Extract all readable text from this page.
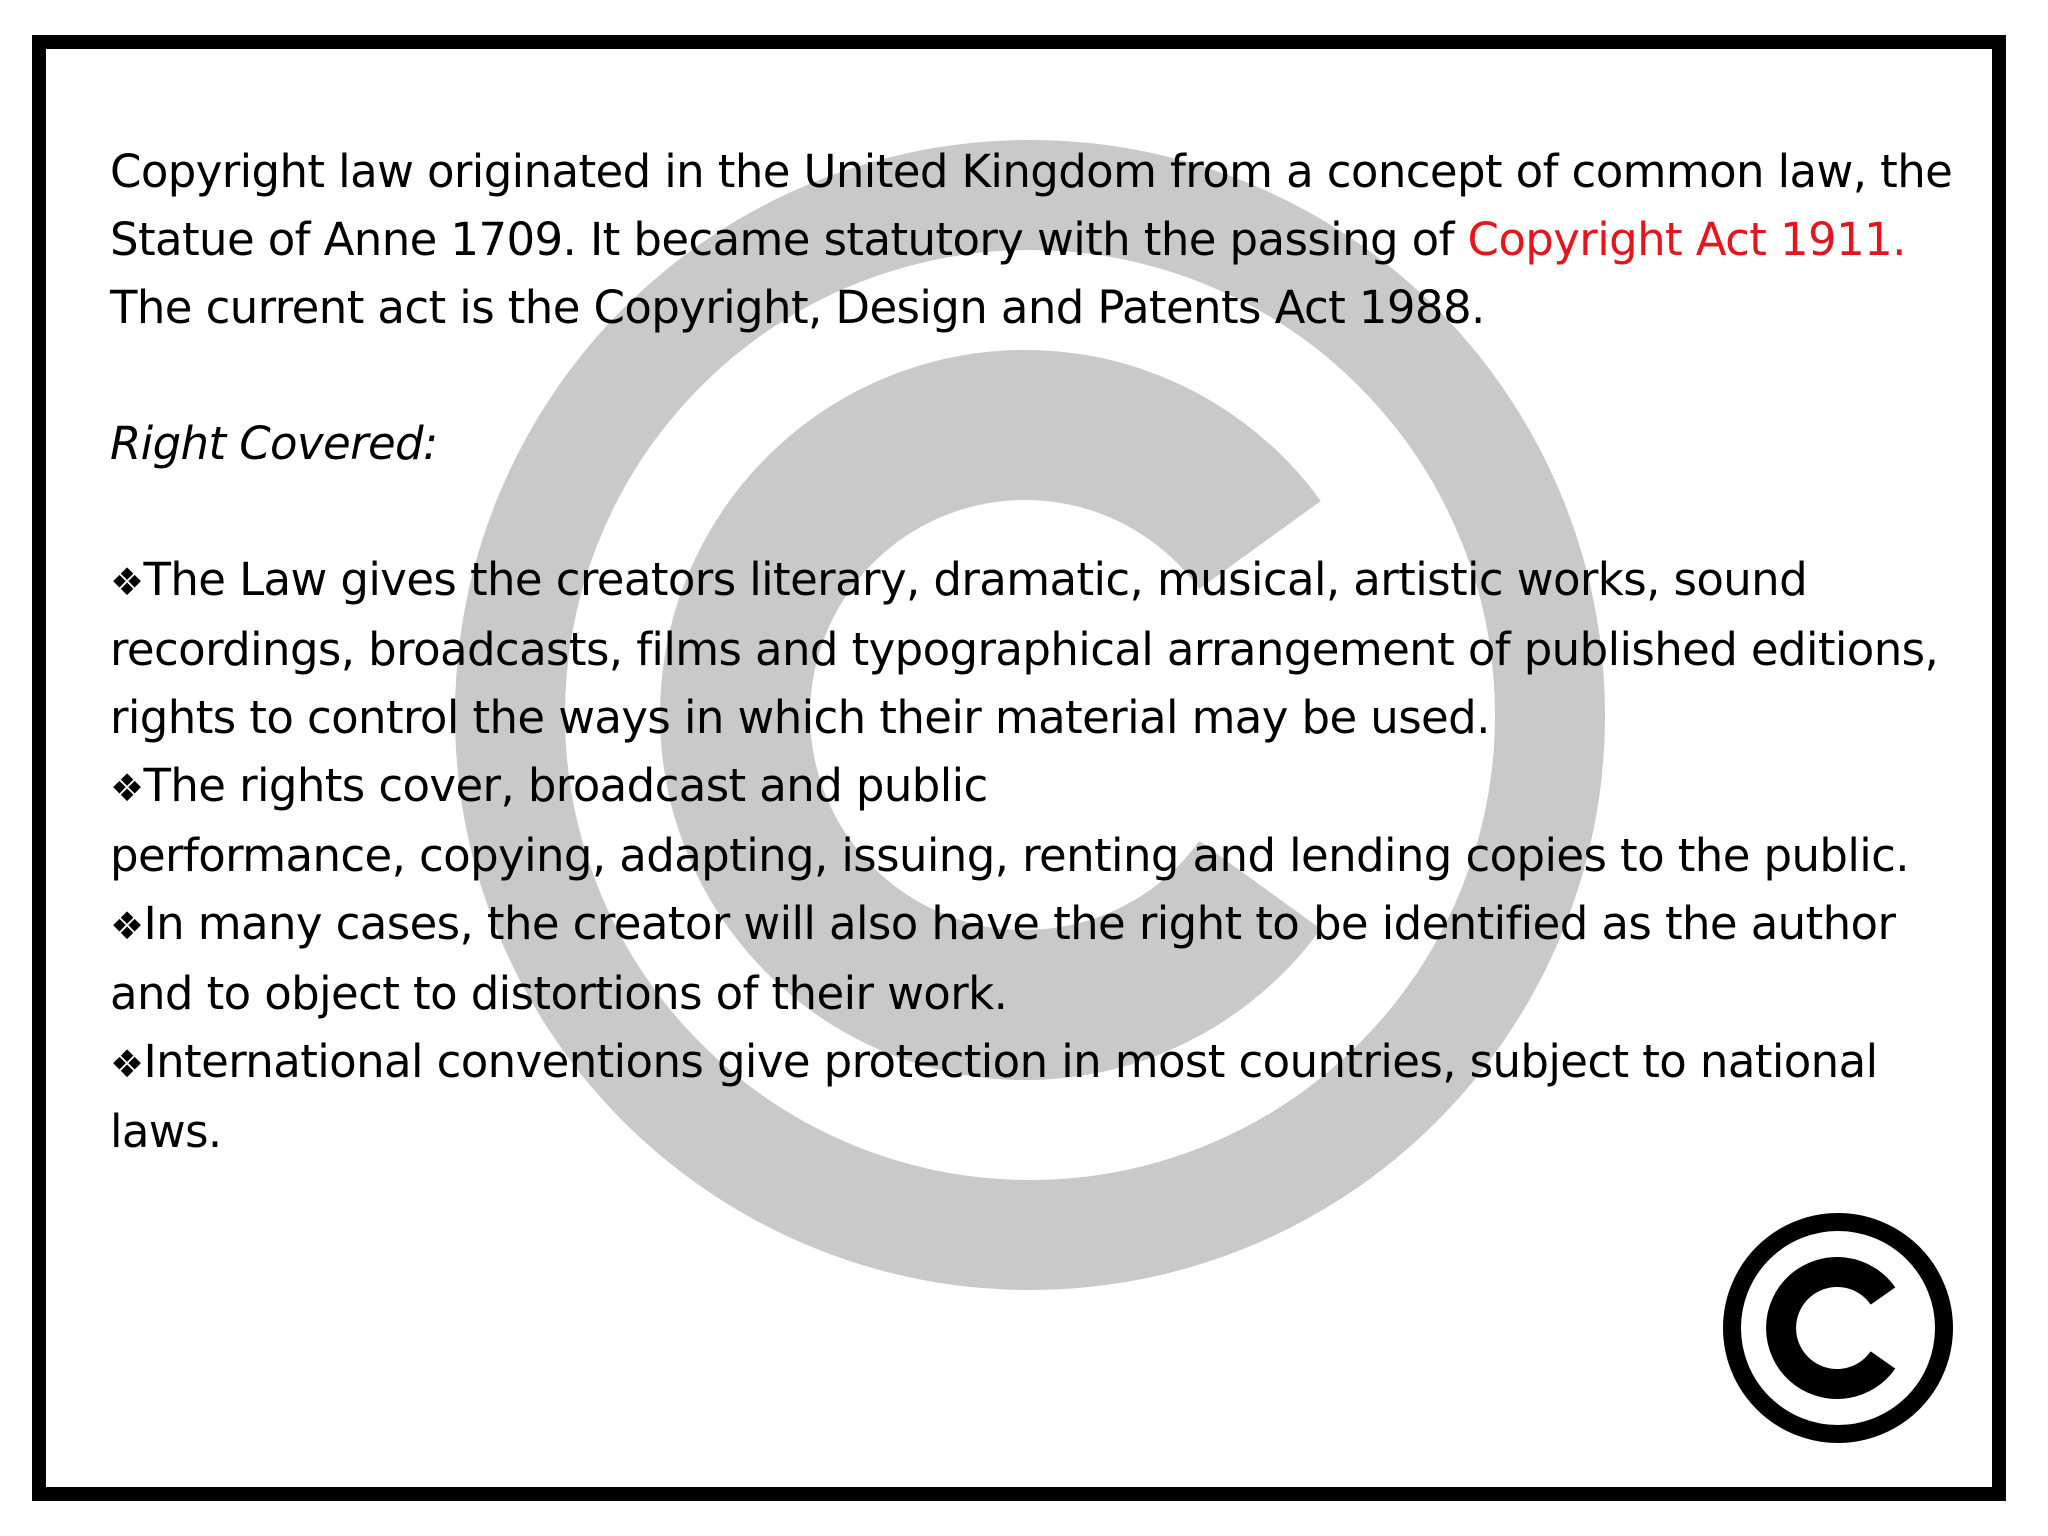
Copyright law originated in the United Kingdom from a concept of common law, the Statue of Anne 1709. It became statutory with the passing of Copyright Act 1911. The current act is the Copyright, Design and Patents Act 1988.

Right Covered:

❖The Law gives the creators literary, dramatic, musical, artistic works, sound recordings, broadcasts, films and typographical arrangement of published editions, rights to control the ways in which their material may be used.

❖The rights cover, broadcast and public
performance, copying, adapting, issuing, renting and lending copies to the public.

❖In many cases, the creator will also have the right to be identified as the author and to object to distortions of their work.

❖International conventions give protection in most countries, subject to national laws.
